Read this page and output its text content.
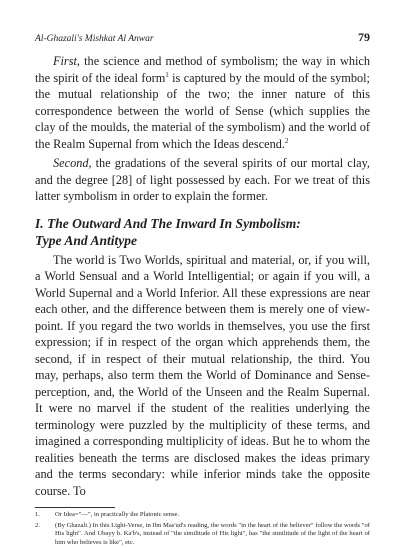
Al-Ghazali's Mishkat Al Anwar	79

First, the science and method of symbolism; the way in which the spirit of the ideal form$^1$ is captured by the mould of the symbol; the mutual relationship of the two; the inner nature of this correspondence between the world of Sense (which supplies the clay of the moulds, the material of the symbolism) and the world of the Realm Supernal from which the Ideas descend.$^2$

Second, the gradations of the several spirits of our mortal clay, and the degree [28] of light possessed by each. For we treat of this latter symbolism in order to explain the former.

I. The Outward And The Inward In Symbolism:
Type And Antitype

The world is Two Worlds, spiritual and material, or, if you will, a World Sensual and a World Intelligential; or again if you will, a World Supernal and a World Inferior. All these expressions are near each other, and the difference between them is merely one of view-point. If you regard the two worlds in themselves, you use the first expression; if in respect of the organ which apprehends them, the second, if in respect of their mutual relationship, the third. You may, perhaps, also term them the World of Dominance and Sense-perception, and, the World of the Unseen and the Realm Supernal. It were no marvel if the student of the realities underlying the terminology were puzzled by the multiplicity of these terms, and imagined a corresponding multiplicity of ideas. But he to whom the realities beneath the terms are disclosed makes the ideas primary and the terms secondary: while inferior minds take the opposite course. To

1.	Or Idea="—", in practically the Platonic sense.
2.	(By Ghazali.) In this Light-Verse, in Ibn Mas'ud's reading, the words "in the heart of the believer" follow the words "of His light". And Ubayy b. Ka'b's, instead of "the similitude of His light", has "the similitude of the light of the heart of him who believes is like", etc.
